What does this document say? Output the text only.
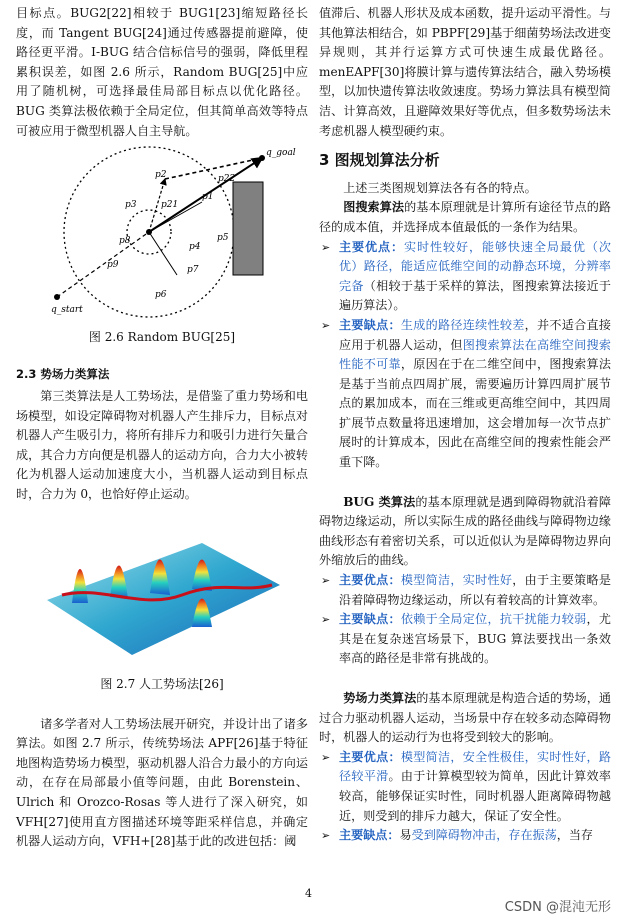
目标点。BUG2[22]相较于 BUG1[23]缩短路径长度，而 Tangent BUG[24]通过传感器提前避障，使路径更平滑。I-BUG 结合信标信号的强弱，降低里程累积误差，如图 2.6 所示，Random BUG[25]中应用了随机树，可选择最佳局部目标点以优化路径。BUG 类算法极依赖于全局定位，但其简单高效等特点可被应用于微型机器人自主导航。

q_goal
q_start
p2
p1
p3
p4
p5
p6
p7
p8
p9
p21
p22

图 2.6 Random BUG[25]

2.3 势场力类算法

第三类算法是人工势场法，是借鉴了重力势场和电场模型，如设定障碍物对机器人产生排斥力，目标点对机器人产生吸引力，将所有排斥力和吸引力进行矢量合成，其合力方向便是机器人的运动方向，合力大小被转化为机器人运动加速度大小，当机器人运动到目标点时，合力为 0，也恰好停止运动。

图 2.7 人工势场法[26]

诸多学者对人工势场法展开研究，并设计出了诸多算法。如图 2.7 所示，传统势场法 APF[26]基于特征地图构造势场力模型，驱动机器人沿合力最小的方向运动，在存在局部最小值等问题，由此 Borenstein、Ulrich 和 Orozco-Rosas 等人进行了深入研究，如 VFH[27]使用直方图描述环境等距采样信息，并确定机器人运动方向，VFH+[28]基于此的改进包括：阈

值滞后、机器人形状及成本函数，提升运动平滑性。与其他算法相结合，如 PBPF[29]基于细菌势场法改进变异规则，其并行运算方式可快速生成最优路径。menEAPF[30]将膜计算与遗传算法结合，融入势场模型，以加快遗传算法收敛速度。势场力算法具有模型简洁、计算高效，且避障效果好等优点，但多数势场法未考虑机器人模型硬约束。

3 图规划算法分析

上述三类图规划算法各有各的特点。

图搜索算法的基本原理就是计算所有途径节点的路径的成本值，并选择成本值最低的一条作为结果。

➢ 主要优点：实时性较好，能够快速全局最优（次优）路径，能适应低维空间的动静态环境，分辨率完备（相较于基于采样的算法，图搜索算法接近于遍历算法）。

➢ 主要缺点：生成的路径连续性较差，并不适合直接应用于机器人运动，但图搜索算法在高维空间搜索性能不可靠，原因在于在二维空间中，图搜索算法是基于当前点四周扩展，需要遍历计算四周扩展节点的累加成本，而在三维或更高维空间中，其四周扩展节点数量将迅速增加，这会增加每一次节点扩展时的计算成本，因此在高维空间的搜索性能会严重下降。

BUG 类算法的基本原理就是遇到障碍物就沿着障碍物边缘运动，所以实际生成的路径曲线与障碍物边缘曲线形态有着密切关系，可以近似认为是障碍物边界向外缩放后的曲线。

➢ 主要优点：模型简洁，实时性好，由于主要策略是沿着障碍物边缘运动，所以有着较高的计算效率。

➢ 主要缺点：依赖于全局定位，抗干扰能力较弱，尤其是在复杂迷宫场景下，BUG 算法要找出一条效率高的路径是非常有挑战的。

势场力类算法的基本原理就是构造合适的势场，通过合力驱动机器人运动，当场景中存在较多动态障碍物时，机器人的运动行为也将受到较大的影响。

➢ 主要优点：模型简洁，安全性极佳，实时性好，路径较平滑。由于计算模型较为简单，因此计算效率较高，能够保证实时性，同时机器人距离障碍物越近，则受到的排斥力越大，保证了安全性。

➢ 主要缺点：易受到障碍物冲击，存在振荡，当存

4
CSDN @混沌无形
